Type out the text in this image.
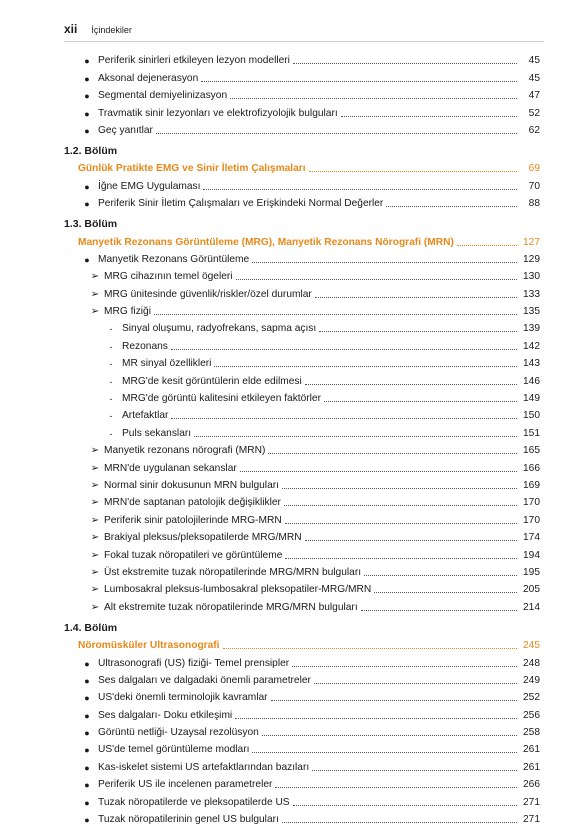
xii İçindekiler
● Periferik sinirleri etkileyen lezyon modelleri	45
● Aksonal dejenerasyon	45
● Segmental demiyelinizasyon	47
● Travmatik sinir lezyonları ve elektrofizyolojik bulguları	52
● Geç yanıtlar	62
1.2. Bölüm
Günlük Pratikte EMG ve Sinir İletim Çalışmaları	69
● İğne EMG Uygulaması	70
● Periferik Sinir İletim Çalışmaları ve Erişkindeki Normal Değerler	88
1.3. Bölüm
Manyetik Rezonans Görüntüleme (MRG), Manyetik Rezonans Nörografi (MRN)	127
● Manyetik Rezonans Görüntüleme	129
➢ MRG cihazının temel ögeleri	130
➢ MRG ünitesinde güvenlik/riskler/özel durumlar	133
➢ MRG fiziği	135
- Sinyal oluşumu, radyofrekans, sapma açısı	139
- Rezonans	142
- MR sinyal özellikleri	143
- MRG'de kesit görüntülerin elde edilmesi	146
- MRG'de görüntü kalitesini etkileyen faktörler	149
- Artefaktlar	150
- Puls sekansları	151
➢ Manyetik rezonans nörografi (MRN)	165
➢ MRN'de uygulanan sekanslar	166
➢ Normal sinir dokusunun MRN bulguları	169
➢ MRN'de saptanan patolojik değişiklikler	170
➢ Periferik sinir patolojilerinde MRG-MRN	170
➢ Brakiyal pleksus/pleksopatilerde MRG/MRN	174
➢ Fokal tuzak nöropatileri ve görüntüleme	194
➢ Üst ekstremite tuzak nöropatilerinde MRG/MRN bulguları	195
➢ Lumbosakral pleksus-lumbosakral pleksopatiler-MRG/MRN	205
➢ Alt ekstremite tuzak nöropatilerinde MRG/MRN bulguları	214
1.4. Bölüm
Nöromüsküler Ultrasonografi	245
● Ultrasonografi (US) fiziği- Temel prensipler	248
● Ses dalgaları ve dalgadaki önemli parametreler	249
● US'deki önemli terminolojik kavramlar	252
● Ses dalgaları- Doku etkileşimi	256
● Görüntü netliği- Uzaysal rezolüsyon	258
● US'de temel görüntüleme modları	261
● Kas-iskelet sistemi US artefaktlarından bazıları	261
● Periferik US ile incelenen parametreler	266
● Tuzak nöropatilerde ve pleksopatilerde US	271
● Tuzak nöropatilerinin genel US bulguları	271
